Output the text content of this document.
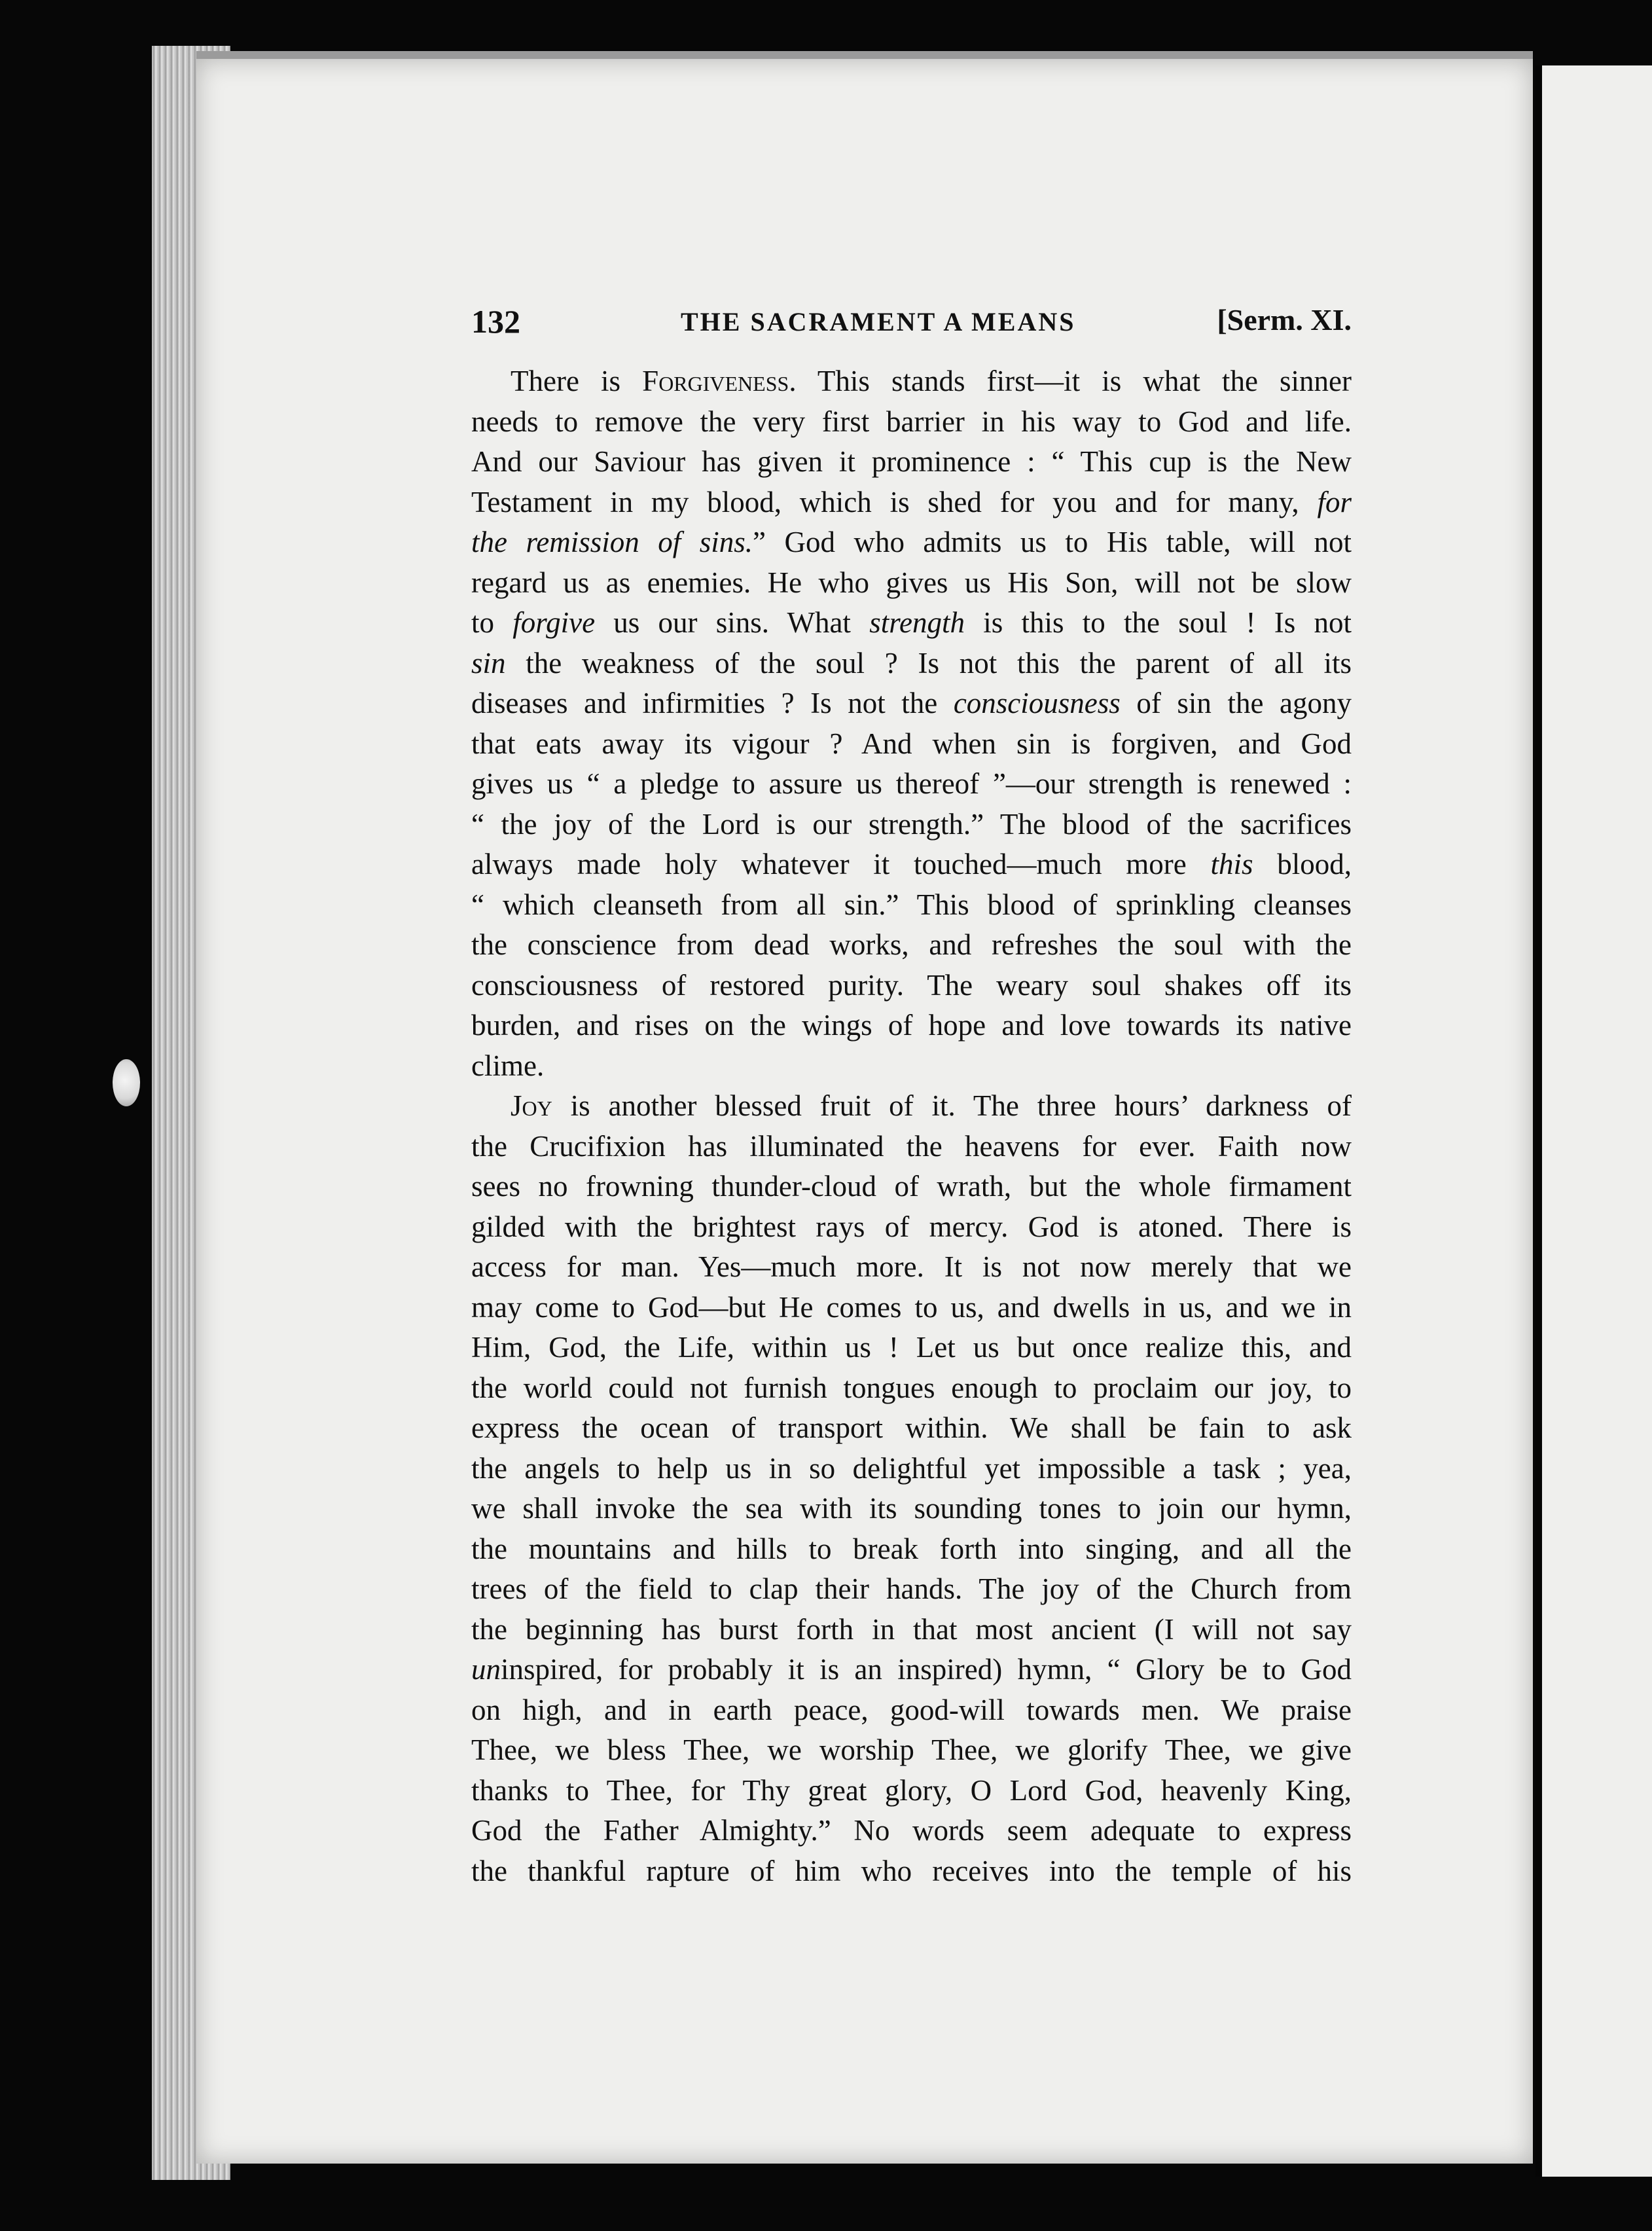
132	THE SACRAMENT A MEANS	[Serm. XI.
There is Forgiveness. This stands first—it is what the sinner
needs to remove the very first barrier in his way to God and life.
And our Saviour has given it prominence : “ This cup is the New
Testament in my blood, which is shed for you and for many, for
the remission of sins.” God who admits us to His table, will not
regard us as enemies. He who gives us His Son, will not be slow
to forgive us our sins. What strength is this to the soul ! Is not
sin the weakness of the soul ? Is not this the parent of all its
diseases and infirmities ? Is not the consciousness of sin the agony
that eats away its vigour ? And when sin is forgiven, and God
gives us “ a pledge to assure us thereof ”—our strength is renewed :
“ the joy of the Lord is our strength.” The blood of the sacrifices
always made holy whatever it touched—much more this blood,
“ which cleanseth from all sin.” This blood of sprinkling cleanses
the conscience from dead works, and refreshes the soul with the
consciousness of restored purity. The weary soul shakes off its
burden, and rises on the wings of hope and love towards its native
clime.
Joy is another blessed fruit of it. The three hours’ darkness of
the Crucifixion has illuminated the heavens for ever. Faith now
sees no frowning thunder-cloud of wrath, but the whole firmament
gilded with the brightest rays of mercy. God is atoned. There is
access for man. Yes—much more. It is not now merely that we
may come to God—but He comes to us, and dwells in us, and we in
Him, God, the Life, within us ! Let us but once realize this, and
the world could not furnish tongues enough to proclaim our joy, to
express the ocean of transport within. We shall be fain to ask
the angels to help us in so delightful yet impossible a task ; yea,
we shall invoke the sea with its sounding tones to join our hymn,
the mountains and hills to break forth into singing, and all the
trees of the field to clap their hands. The joy of the Church from
the beginning has burst forth in that most ancient (I will not say
uninspired, for probably it is an inspired) hymn, “ Glory be to God
on high, and in earth peace, good-will towards men. We praise
Thee, we bless Thee, we worship Thee, we glorify Thee, we give
thanks to Thee, for Thy great glory, O Lord God, heavenly King,
God the Father Almighty.” No words seem adequate to express
the thankful rapture of him who receives into the temple of his
